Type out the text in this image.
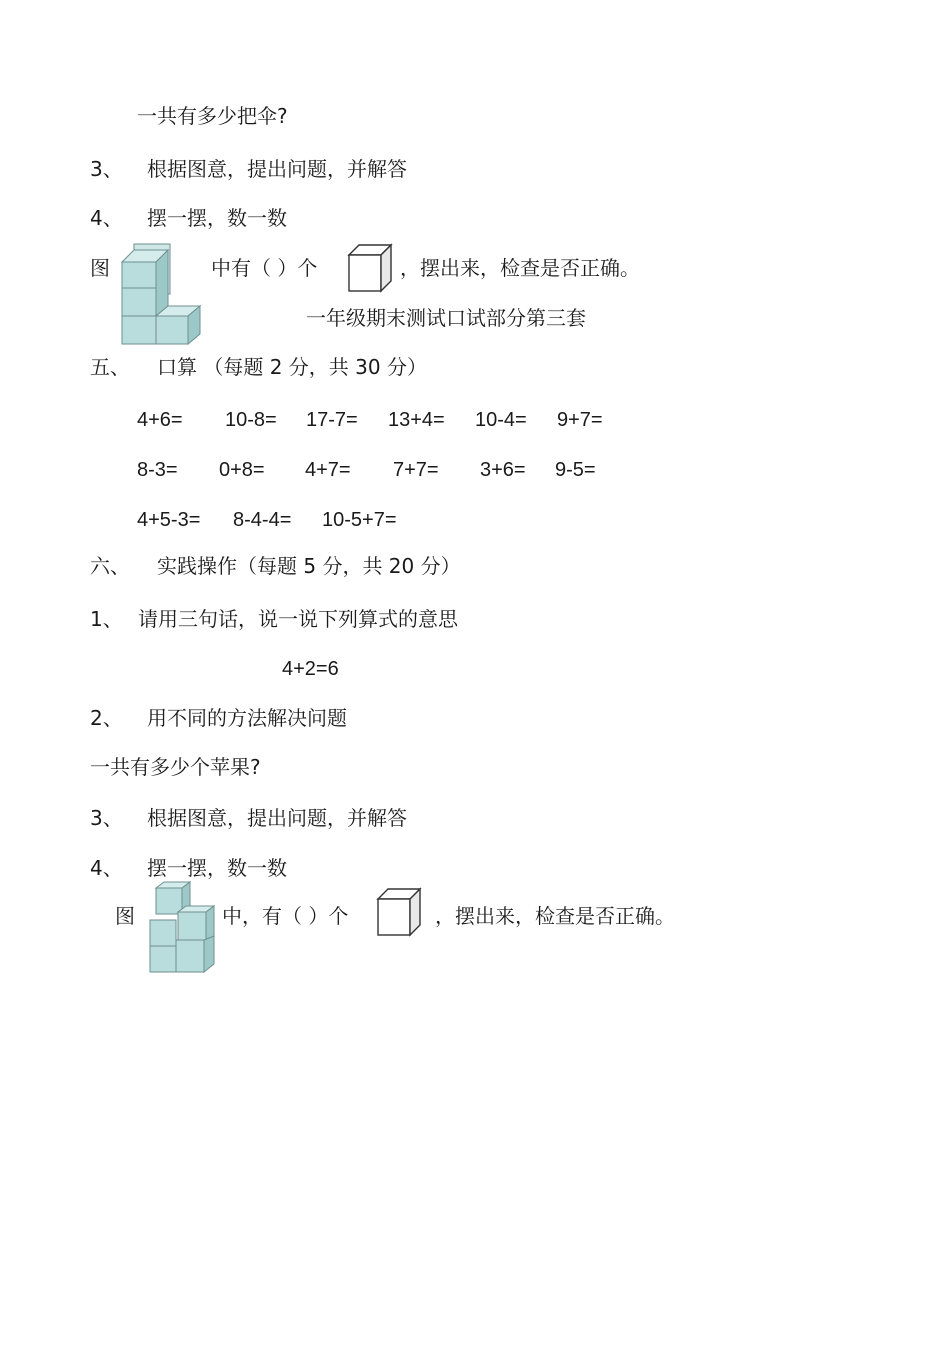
一共有多少把伞?
3、 根据图意，提出问题，并解答
4、 摆一摆，数一数
图	中有（ ）个	，摆出来，检查是否正确。
一年级期末测试口试部分第三套
五、 口算 （每题 2 分，共 30 分）
4+6= 10-8= 17-7= 13+4= 10-4= 9+7=
8-3= 0+8= 4+7= 7+7= 3+6= 9-5=
4+5-3= 8-4-4= 10-5+7=
六、 实践操作（每题 5 分，共 20 分）
1、 请用三句话，说一说下列算式的意思
4+2=6
2、 用不同的方法解决问题
一共有多少个苹果?
3、 根据图意，提出问题，并解答
4、 摆一摆，数一数
图	中，有（ ）个	，摆出来，检查是否正确。
